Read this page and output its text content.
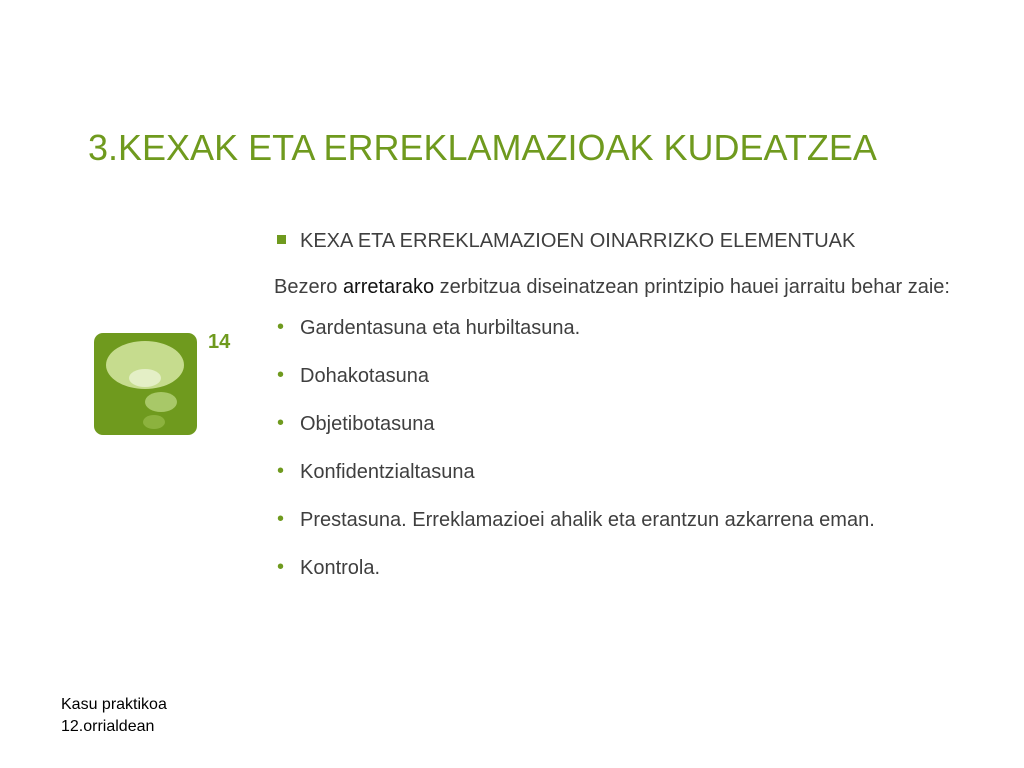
3.KEXAK ETA ERREKLAMAZIOAK KUDEATZEA
14
KEXA ETA ERREKLAMAZIOEN OINARRIZKO ELEMENTUAK
Bezero arretarako zerbitzua diseinatzean printzipio hauei jarraitu behar zaie:
• Gardentasuna eta hurbiltasuna.
• Dohakotasuna
• Objetibotasuna
• Konfidentzialtasuna
• Prestasuna. Erreklamazioei ahalik eta erantzun azkarrena eman.
• Kontrola.
Kasu praktikoa
12.orrialdean
